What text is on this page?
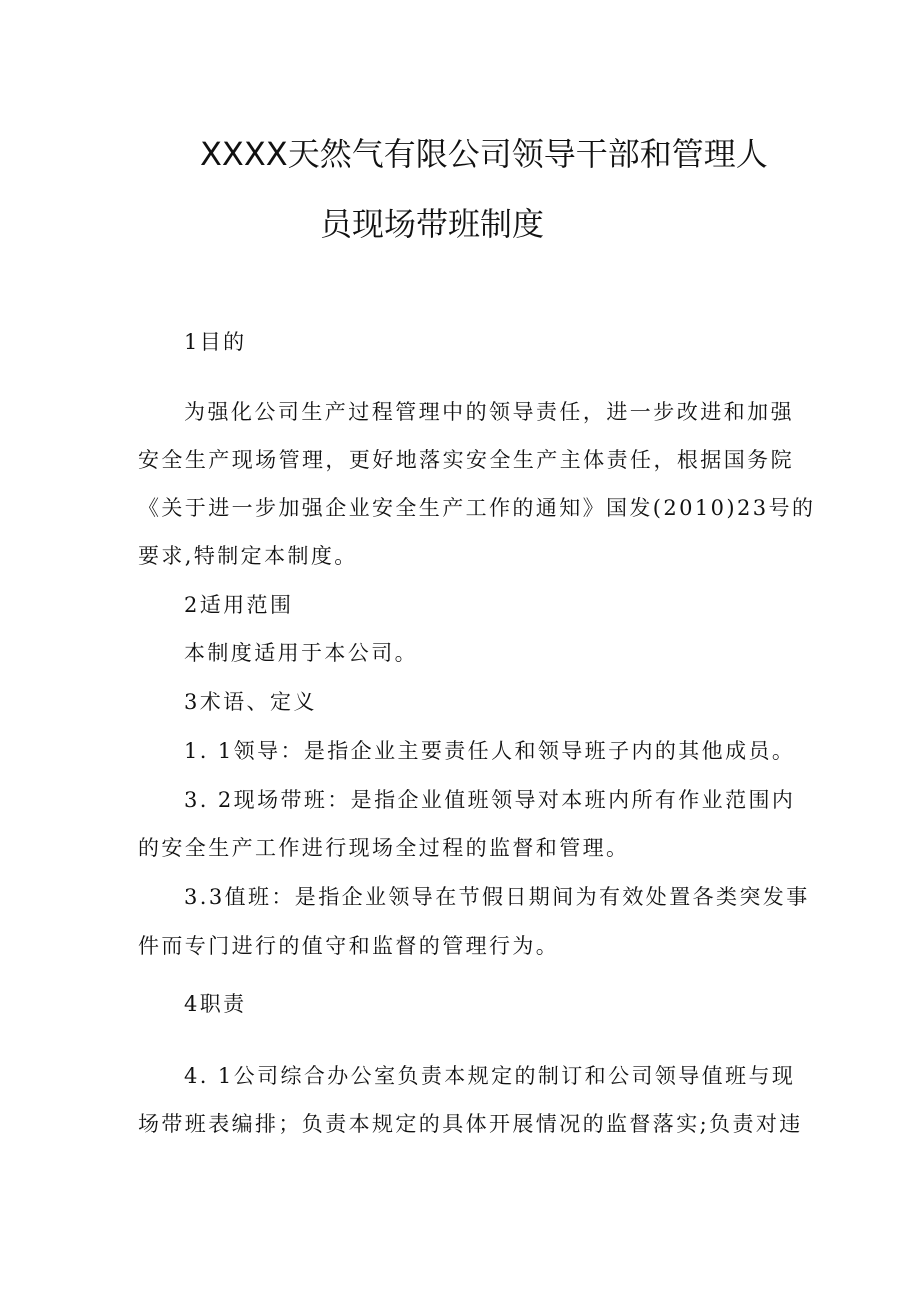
XXXX天然气有限公司领导干部和管理人
员现场带班制度
1目的
为强化公司生产过程管理中的领导责任，进一步改进和加强
安全生产现场管理，更好地落实安全生产主体责任，根据国务院
《关于进一步加强企业安全生产工作的通知》国发(2010)23号的
要求,特制定本制度。
2适用范围
本制度适用于本公司。
3术语、定义
1. 1领导：是指企业主要责任人和领导班子内的其他成员。
3. 2现场带班：是指企业值班领导对本班内所有作业范围内
的安全生产工作进行现场全过程的监督和管理。
3.3值班：是指企业领导在节假日期间为有效处置各类突发事
件而专门进行的值守和监督的管理行为。
4职责
4. 1公司综合办公室负责本规定的制订和公司领导值班与现
场带班表编排；负责本规定的具体开展情况的监督落实;负责对违
